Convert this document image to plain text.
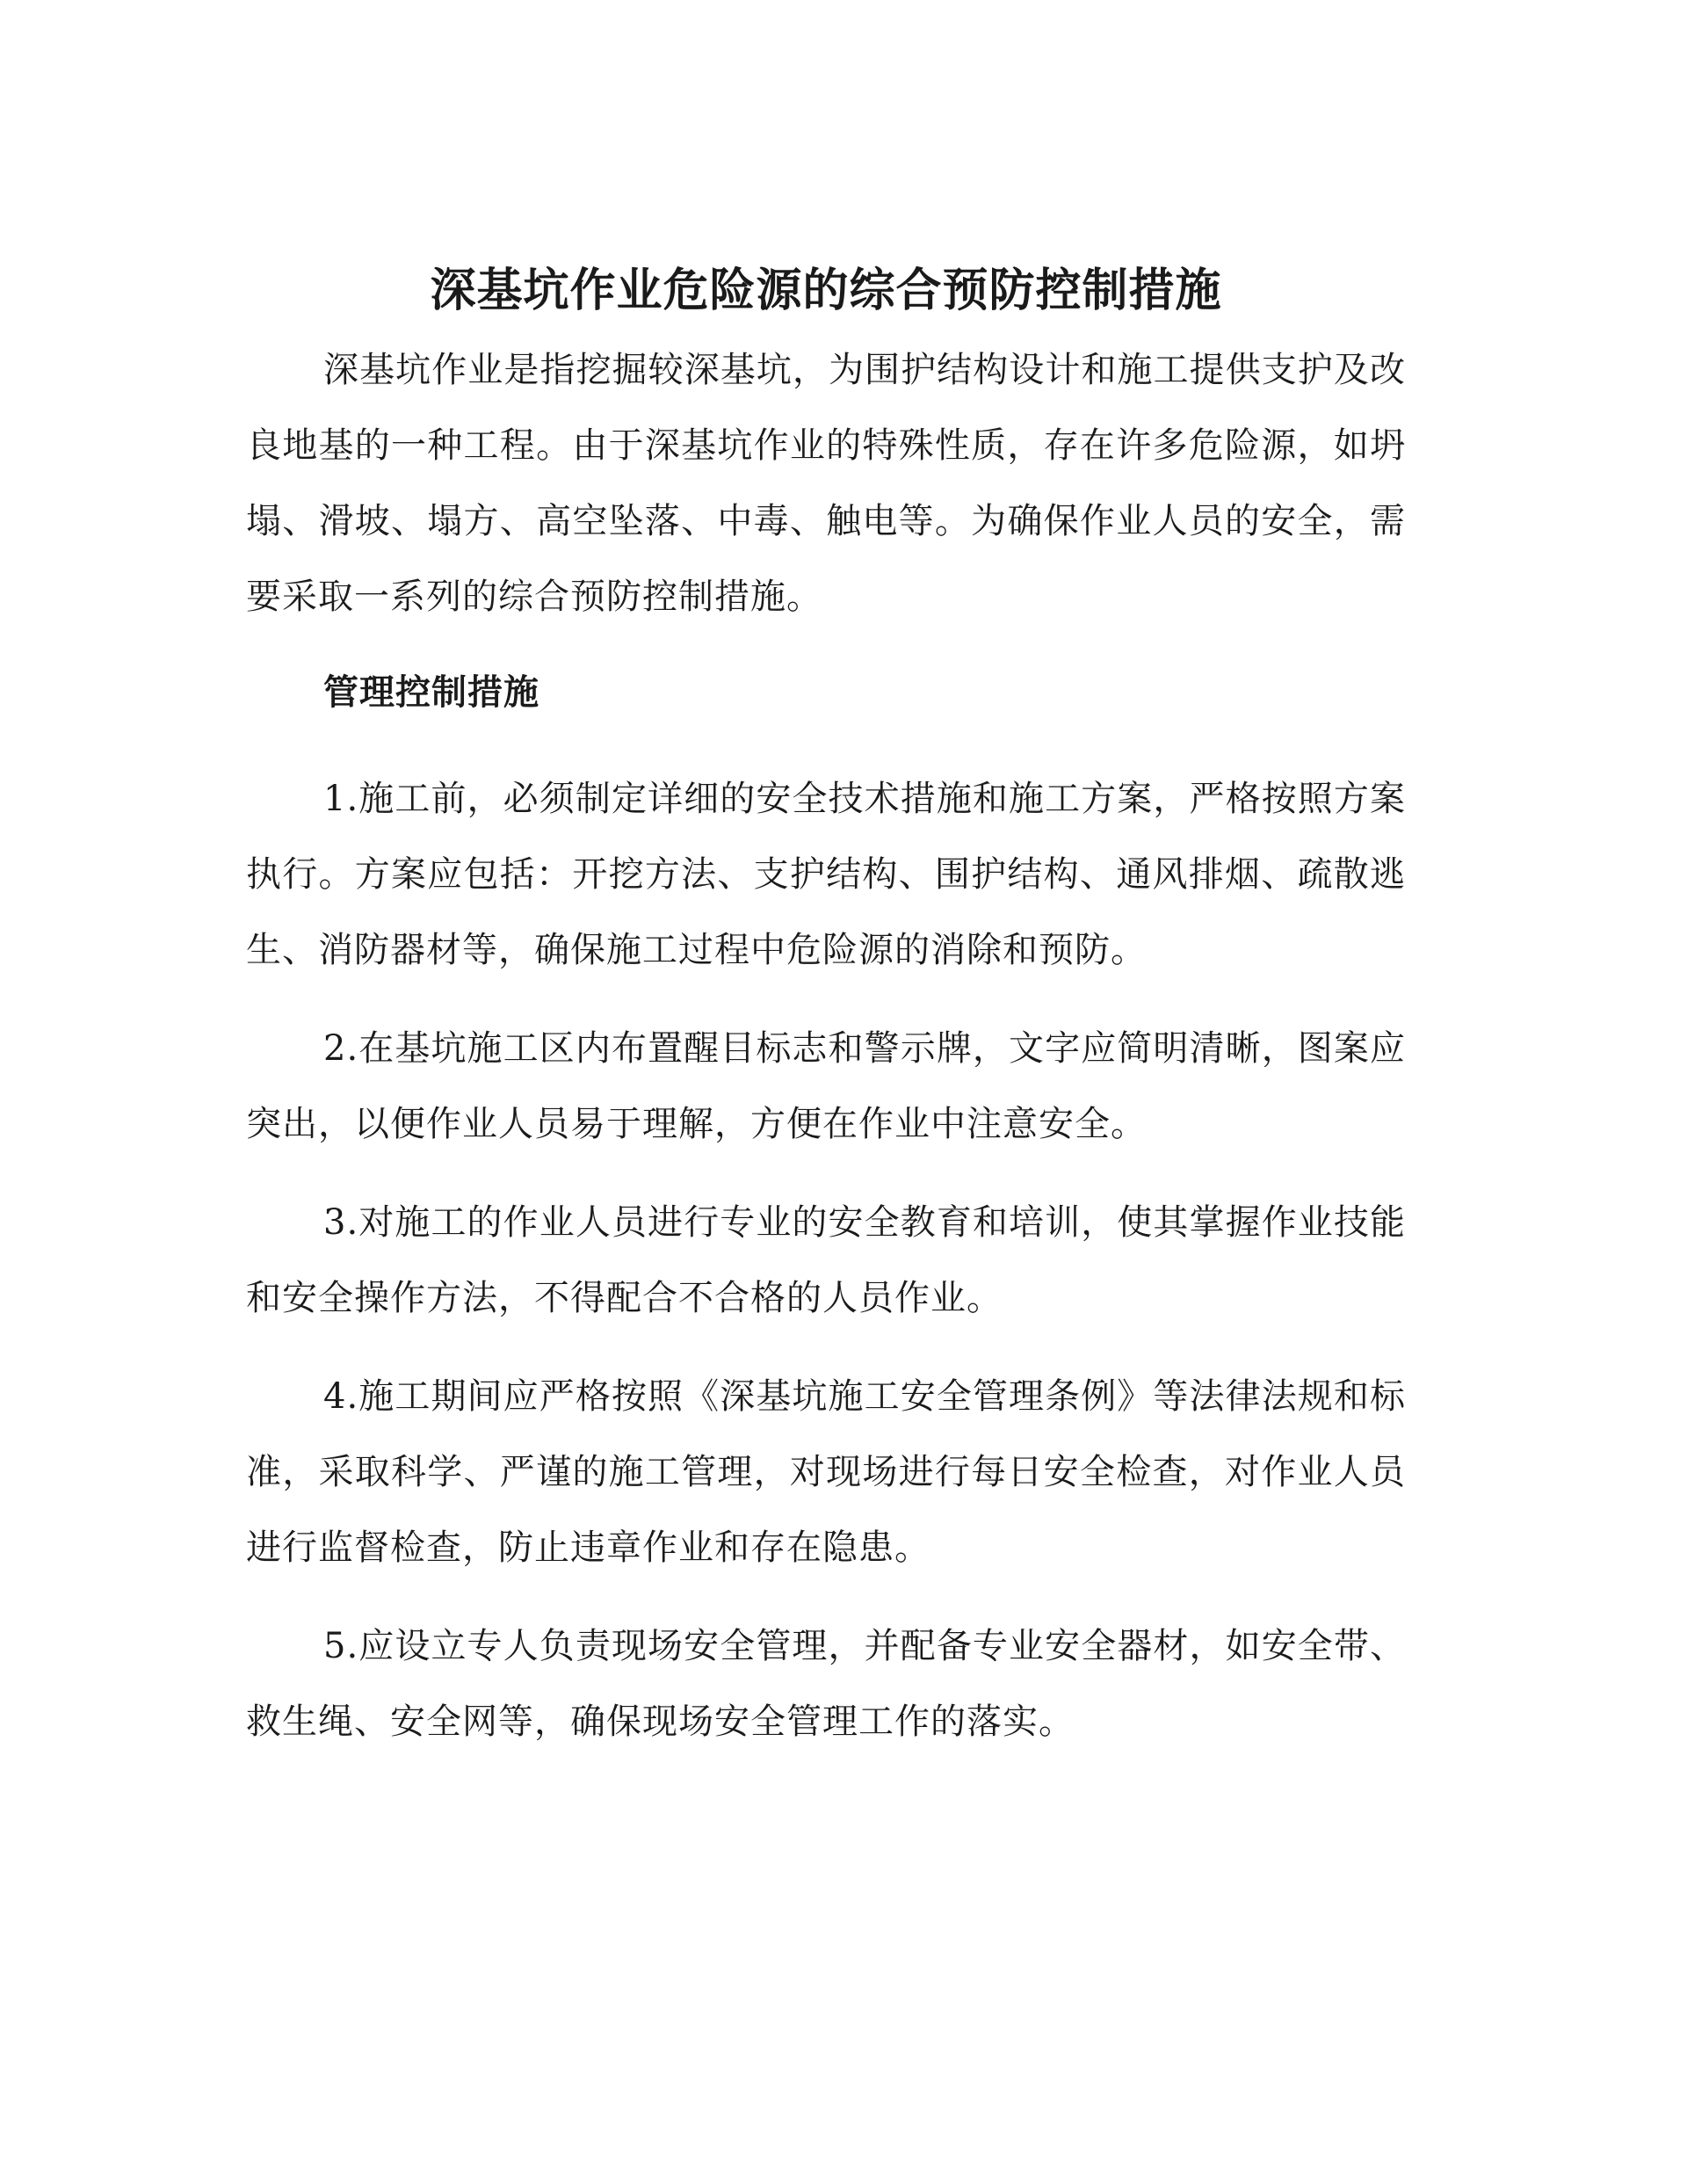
深基坑作业危险源的综合预防控制措施

深基坑作业是指挖掘较深基坑，为围护结构设计和施工提供支护及改良地基的一种工程。由于深基坑作业的特殊性质，存在许多危险源，如坍塌、滑坡、塌方、高空坠落、中毒、触电等。为确保作业人员的安全，需要采取一系列的综合预防控制措施。

管理控制措施

1.施工前，必须制定详细的安全技术措施和施工方案，严格按照方案执行。方案应包括：开挖方法、支护结构、围护结构、通风排烟、疏散逃生、消防器材等，确保施工过程中危险源的消除和预防。

2.在基坑施工区内布置醒目标志和警示牌，文字应简明清晰，图案应突出，以便作业人员易于理解，方便在作业中注意安全。

3.对施工的作业人员进行专业的安全教育和培训，使其掌握作业技能和安全操作方法，不得配合不合格的人员作业。

4.施工期间应严格按照《深基坑施工安全管理条例》等法律法规和标准，采取科学、严谨的施工管理，对现场进行每日安全检查，对作业人员进行监督检查，防止违章作业和存在隐患。

5.应设立专人负责现场安全管理，并配备专业安全器材，如安全带、救生绳、安全网等，确保现场安全管理工作的落实。
